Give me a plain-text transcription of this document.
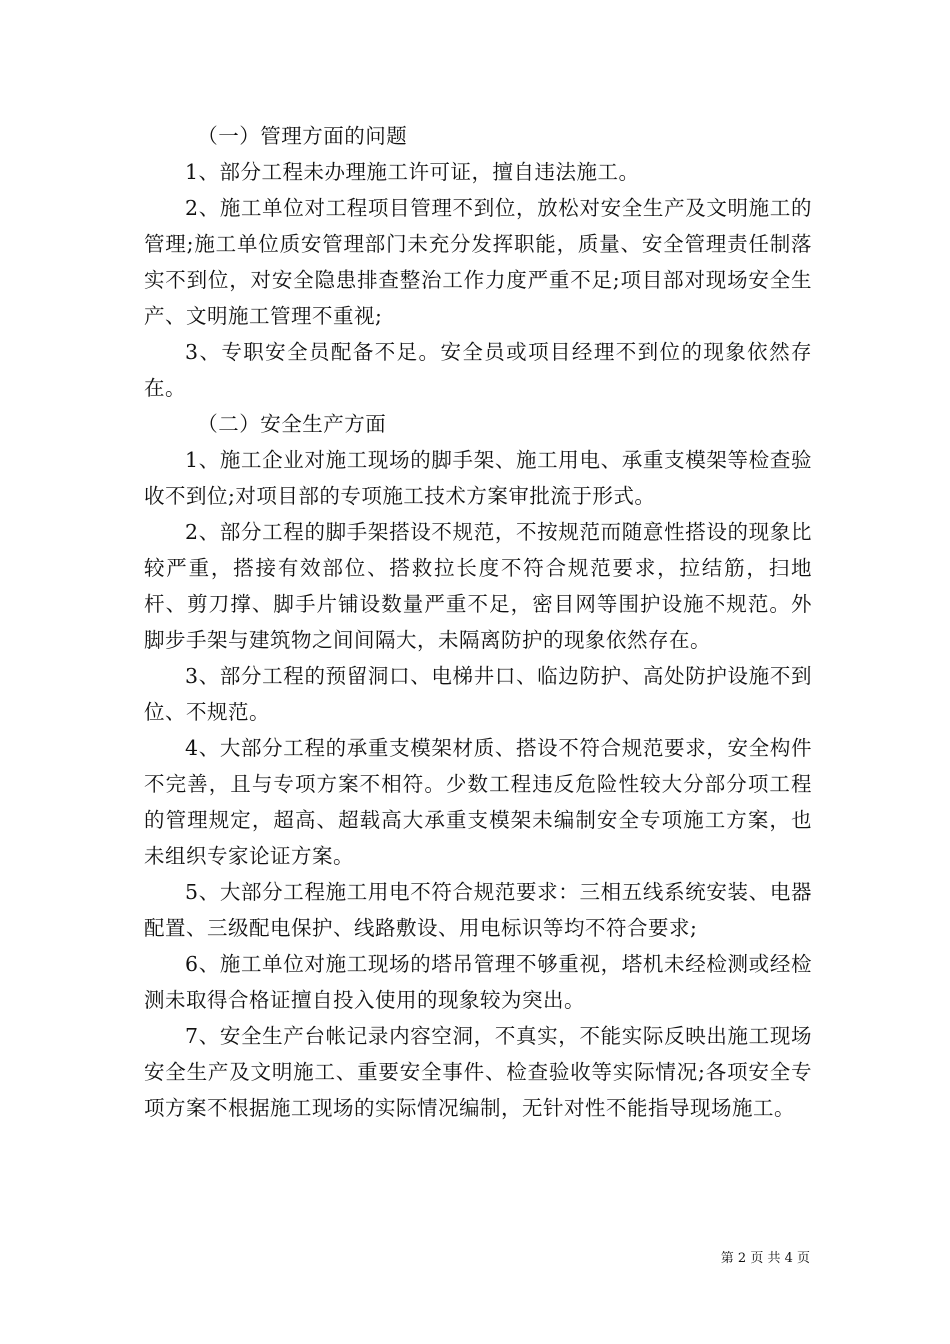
（一）管理方面的问题

1、部分工程未办理施工许可证，擅自违法施工。

2、施工单位对工程项目管理不到位，放松对安全生产及文明施工的管理;施工单位质安管理部门未充分发挥职能，质量、安全管理责任制落实不到位，对安全隐患排查整治工作力度严重不足;项目部对现场安全生产、文明施工管理不重视;

3、专职安全员配备不足。安全员或项目经理不到位的现象依然存在。

（二）安全生产方面

1、施工企业对施工现场的脚手架、施工用电、承重支模架等检查验收不到位;对项目部的专项施工技术方案审批流于形式。

2、部分工程的脚手架搭设不规范，不按规范而随意性搭设的现象比较严重，搭接有效部位、搭救拉长度不符合规范要求，拉结筋，扫地杆、剪刀撑、脚手片铺设数量严重不足，密目网等围护设施不规范。外脚步手架与建筑物之间间隔大，未隔离防护的现象依然存在。

3、部分工程的预留洞口、电梯井口、临边防护、高处防护设施不到位、不规范。

4、大部分工程的承重支模架材质、搭设不符合规范要求，安全构件不完善，且与专项方案不相符。少数工程违反危险性较大分部分项工程的管理规定，超高、超载高大承重支模架未编制安全专项施工方案，也未组织专家论证方案。

5、大部分工程施工用电不符合规范要求：三相五线系统安装、电器配置、三级配电保护、线路敷设、用电标识等均不符合要求;

6、施工单位对施工现场的塔吊管理不够重视，塔机未经检测或经检测未取得合格证擅自投入使用的现象较为突出。

7、安全生产台帐记录内容空洞，不真实，不能实际反映出施工现场安全生产及文明施工、重要安全事件、检查验收等实际情况;各项安全专项方案不根据施工现场的实际情况编制，无针对性不能指导现场施工。

第 2 页 共 4 页
